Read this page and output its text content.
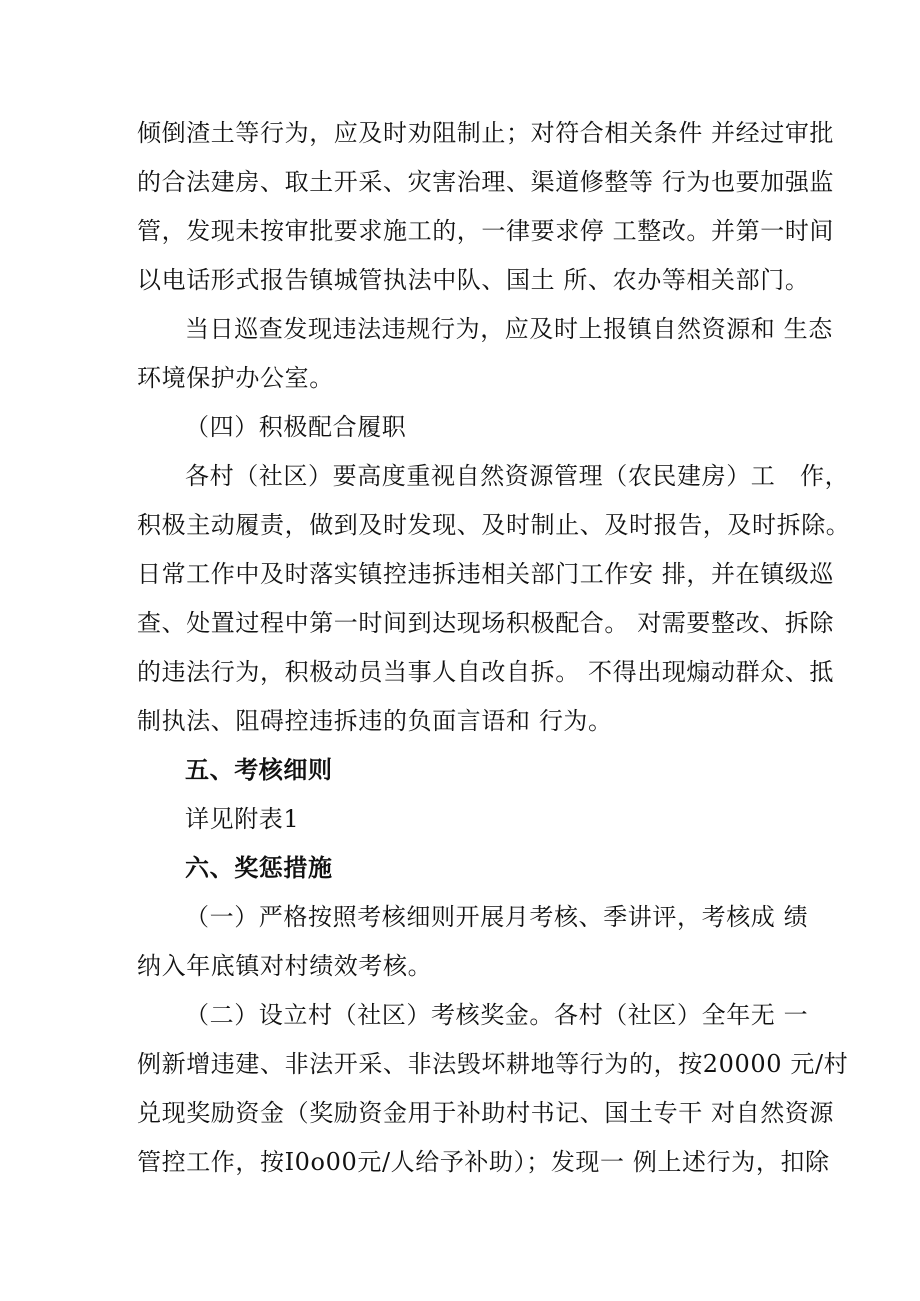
倾倒渣土等行为，应及时劝阻制止；对符合相关条件 并经过审批
的合法建房、取土开采、灾害治理、渠道修整等 行为也要加强监
管，发现未按审批要求施工的，一律要求停 工整改。并第一时间
以电话形式报告镇城管执法中队、国土 所、农办等相关部门。
当日巡查发现违法违规行为，应及时上报镇自然资源和 生态
环境保护办公室。
（四）积极配合履职
各村（社区）要高度重视自然资源管理（农民建房）工　作，
积极主动履责，做到及时发现、及时制止、及时报告，及时拆除。
日常工作中及时落实镇控违拆违相关部门工作安 排，并在镇级巡
查、处置过程中第一时间到达现场积极配合。 对需要整改、拆除
的违法行为，积极动员当事人自改自拆。 不得出现煽动群众、抵
制执法、阻碍控违拆违的负面言语和 行为。
五、考核细则
详见附表1
六、奖惩措施
（一）严格按照考核细则开展月考核、季讲评，考核成 绩
纳入年底镇对村绩效考核。
（二）设立村（社区）考核奖金。各村（社区）全年无 一
例新增违建、非法开采、非法毁坏耕地等行为的，按20000 元/村
兑现奖励资金（奖励资金用于补助村书记、国土专干 对自然资源
管控工作，按I0o00元/人给予补助）；发现一 例上述行为，扣除
